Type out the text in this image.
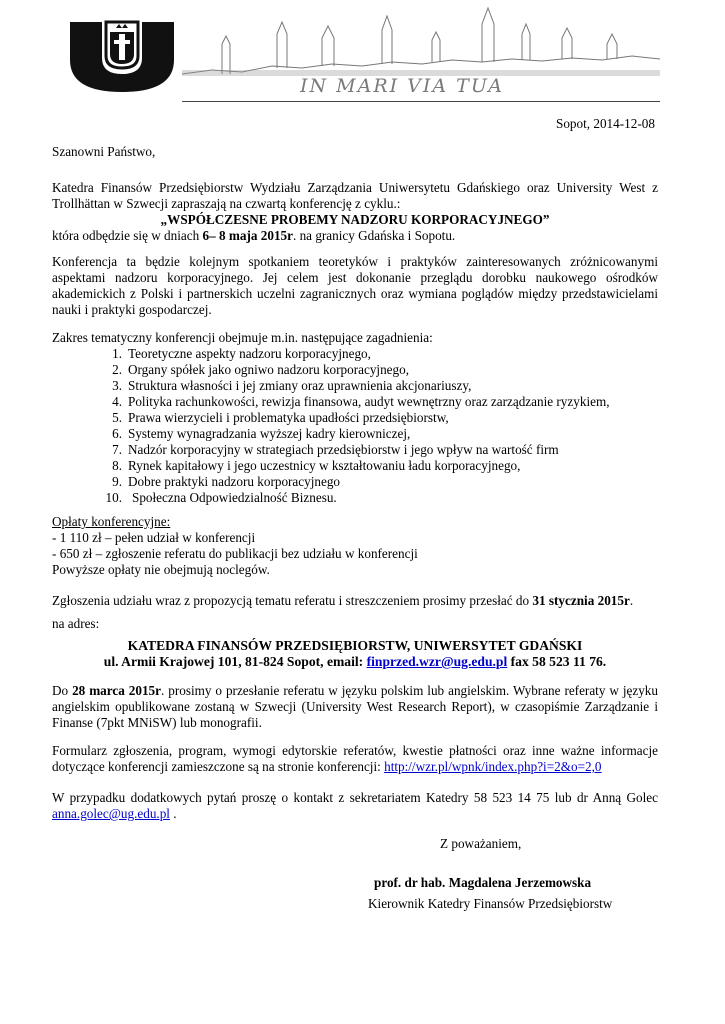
IN MARI VIA TUA
Sopot, 2014-12-08
Szanowni Państwo,
Katedra Finansów Przedsiębiorstw Wydziału Zarządzania Uniwersytetu Gdańskiego oraz University West z Trollhättan w Szwecji zapraszają na czwartą konferencję z cyklu.:
„WSPÓŁCZESNE PROBEMY NADZORU KORPORACYJNEGO”
która odbędzie się w dniach 6– 8 maja 2015r. na granicy Gdańska i Sopotu.
Konferencja ta będzie kolejnym spotkaniem teoretyków i praktyków zainteresowanych zróżnicowanymi aspektami nadzoru korporacyjnego. Jej celem jest dokonanie przeglądu dorobku naukowego ośrodków akademickich z Polski i partnerskich uczelni zagranicznych oraz wymiana poglądów między przedstawicielami nauki i praktyki gospodarczej.
Zakres tematyczny konferencji obejmuje m.in. następujące zagadnienia:
1. Teoretyczne aspekty nadzoru korporacyjnego,
2. Organy spółek jako ogniwo nadzoru korporacyjnego,
3. Struktura własności i jej zmiany oraz uprawnienia akcjonariuszy,
4. Polityka rachunkowości, rewizja finansowa, audyt wewnętrzny oraz zarządzanie ryzykiem,
5. Prawa wierzycieli i problematyka upadłości przedsiębiorstw,
6. Systemy wynagradzania wyższej kadry kierowniczej,
7. Nadzór korporacyjny w strategiach przedsiębiorstw i jego wpływ na wartość firm
8. Rynek kapitałowy i jego uczestnicy w kształtowaniu ładu korporacyjnego,
9. Dobre praktyki nadzoru korporacyjnego
10. Społeczna Odpowiedzialność Biznesu.
Opłaty konferencyjne:
- 1 110 zł – pełen udział w konferencji
- 650 zł – zgłoszenie referatu do publikacji bez udziału w konferencji
Powyższe opłaty nie obejmują noclegów.
Zgłoszenia udziału wraz z propozycją tematu referatu i streszczeniem prosimy przesłać do 31 stycznia 2015r.
na adres:
KATEDRA FINANSÓW PRZEDSIĘBIORSTW, UNIWERSYTET GDAŃSKI
ul. Armii Krajowej 101, 81-824 Sopot, email: finprzed.wzr@ug.edu.pl fax 58 523 11 76.
Do 28 marca 2015r. prosimy o przesłanie referatu w języku polskim lub angielskim. Wybrane referaty w języku angielskim opublikowane zostaną w Szwecji (University West Research Report), w czasopiśmie Zarządzanie i Finanse (7pkt MNiSW) lub monografii.
Formularz zgłoszenia, program, wymogi edytorskie referatów, kwestie płatności oraz inne ważne informacje dotyczące konferencji zamieszczone są na stronie konferencji: http://wzr.pl/wpnk/index.php?i=2&o=2,0
W przypadku dodatkowych pytań proszę o kontakt z sekretariatem Katedry 58 523 14 75 lub dr Anną Golec anna.golec@ug.edu.pl .
Z poważaniem,
prof. dr hab. Magdalena Jerzemowska
Kierownik Katedry Finansów Przedsiębiorstw
